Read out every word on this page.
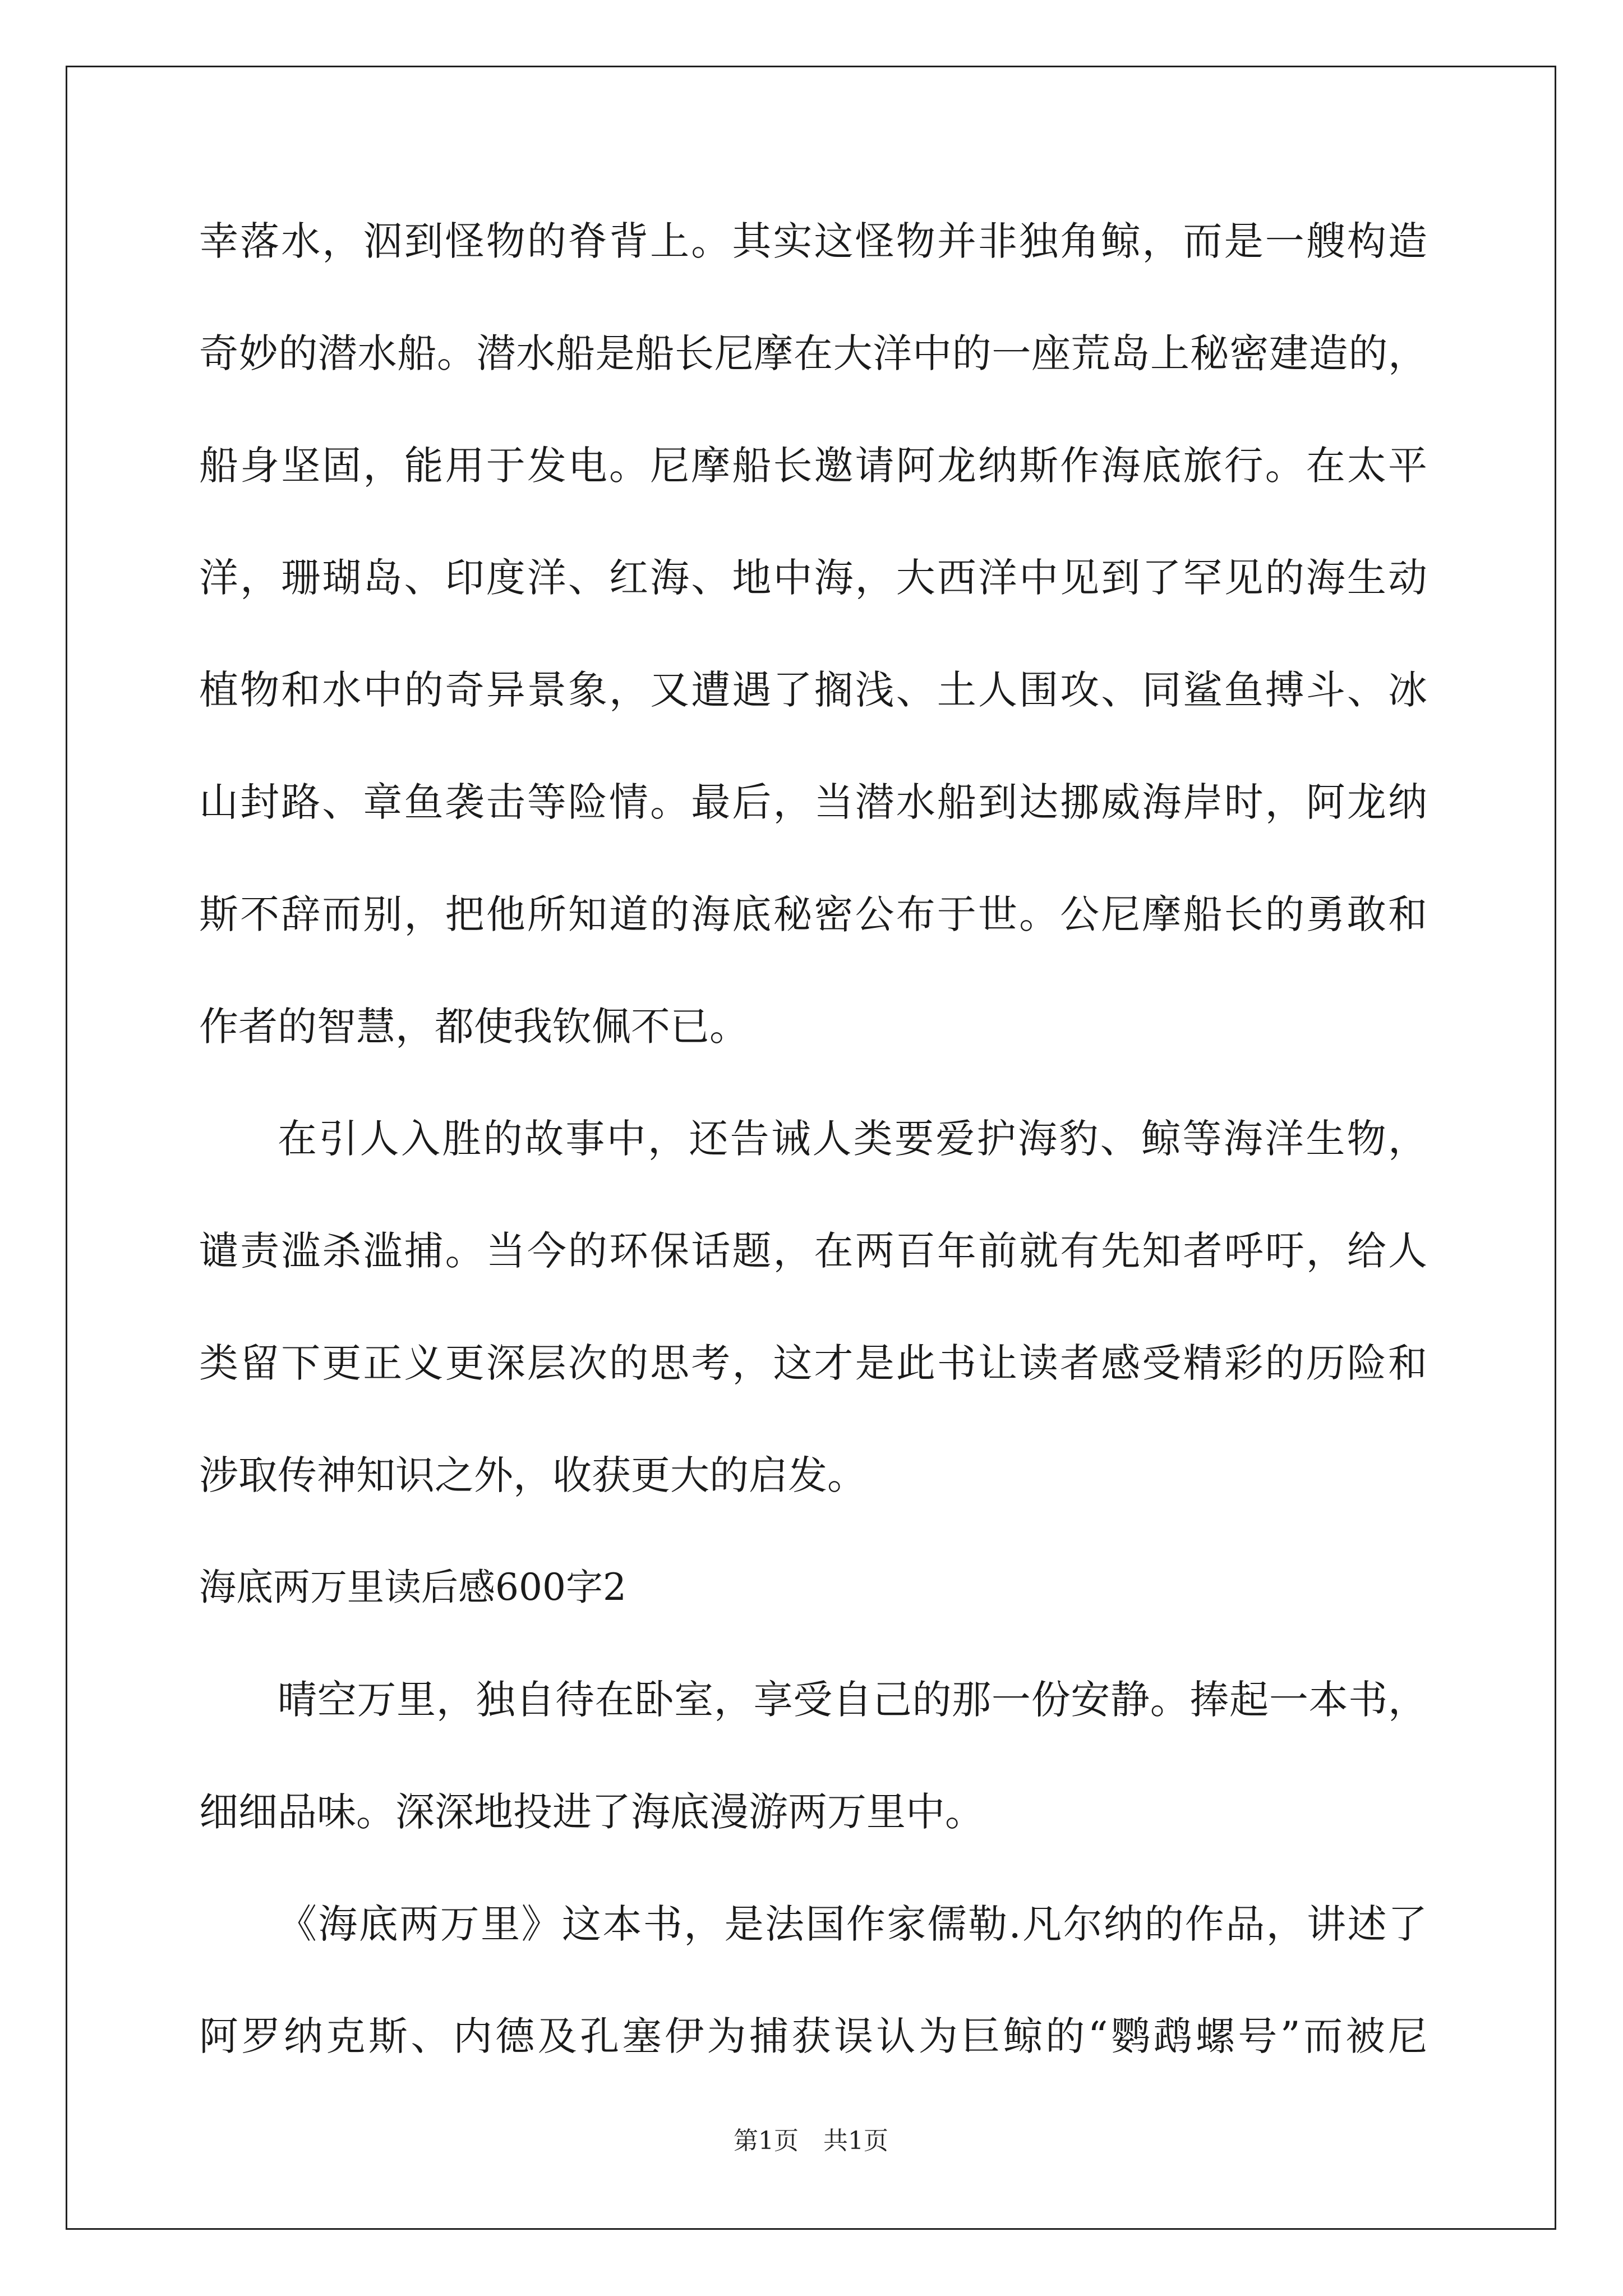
幸落水，泅到怪物的脊背上。其实这怪物并非独角鲸，而是一艘构造
奇妙的潜水船。潜水船是船长尼摩在大洋中的一座荒岛上秘密建造的，
船身坚固，能用于发电。尼摩船长邀请阿龙纳斯作海底旅行。在太平
洋，珊瑚岛、印度洋、红海、地中海，大西洋中见到了罕见的海生动
植物和水中的奇异景象，又遭遇了搁浅、土人围攻、同鲨鱼搏斗、冰
山封路、章鱼袭击等险情。最后，当潜水船到达挪威海岸时，阿龙纳
斯不辞而别，把他所知道的海底秘密公布于世。公尼摩船长的勇敢和
作者的智慧，都使我钦佩不已。
在引人入胜的故事中，还告诫人类要爱护海豹、鲸等海洋生物，
谴责滥杀滥捕。当今的环保话题，在两百年前就有先知者呼吁，给人
类留下更正义更深层次的思考，这才是此书让读者感受精彩的历险和
涉取传神知识之外，收获更大的启发。
海底两万里读后感600字2
晴空万里，独自待在卧室，享受自己的那一份安静。捧起一本书，
细细品味。深深地投进了海底漫游两万里中。
《海底两万里》这本书，是法国作家儒勒.凡尔纳的作品，讲述了
阿罗纳克斯、内德及孔塞伊为捕获误认为巨鲸的“鹦鹉螺号”而被尼
第1页　共1页
